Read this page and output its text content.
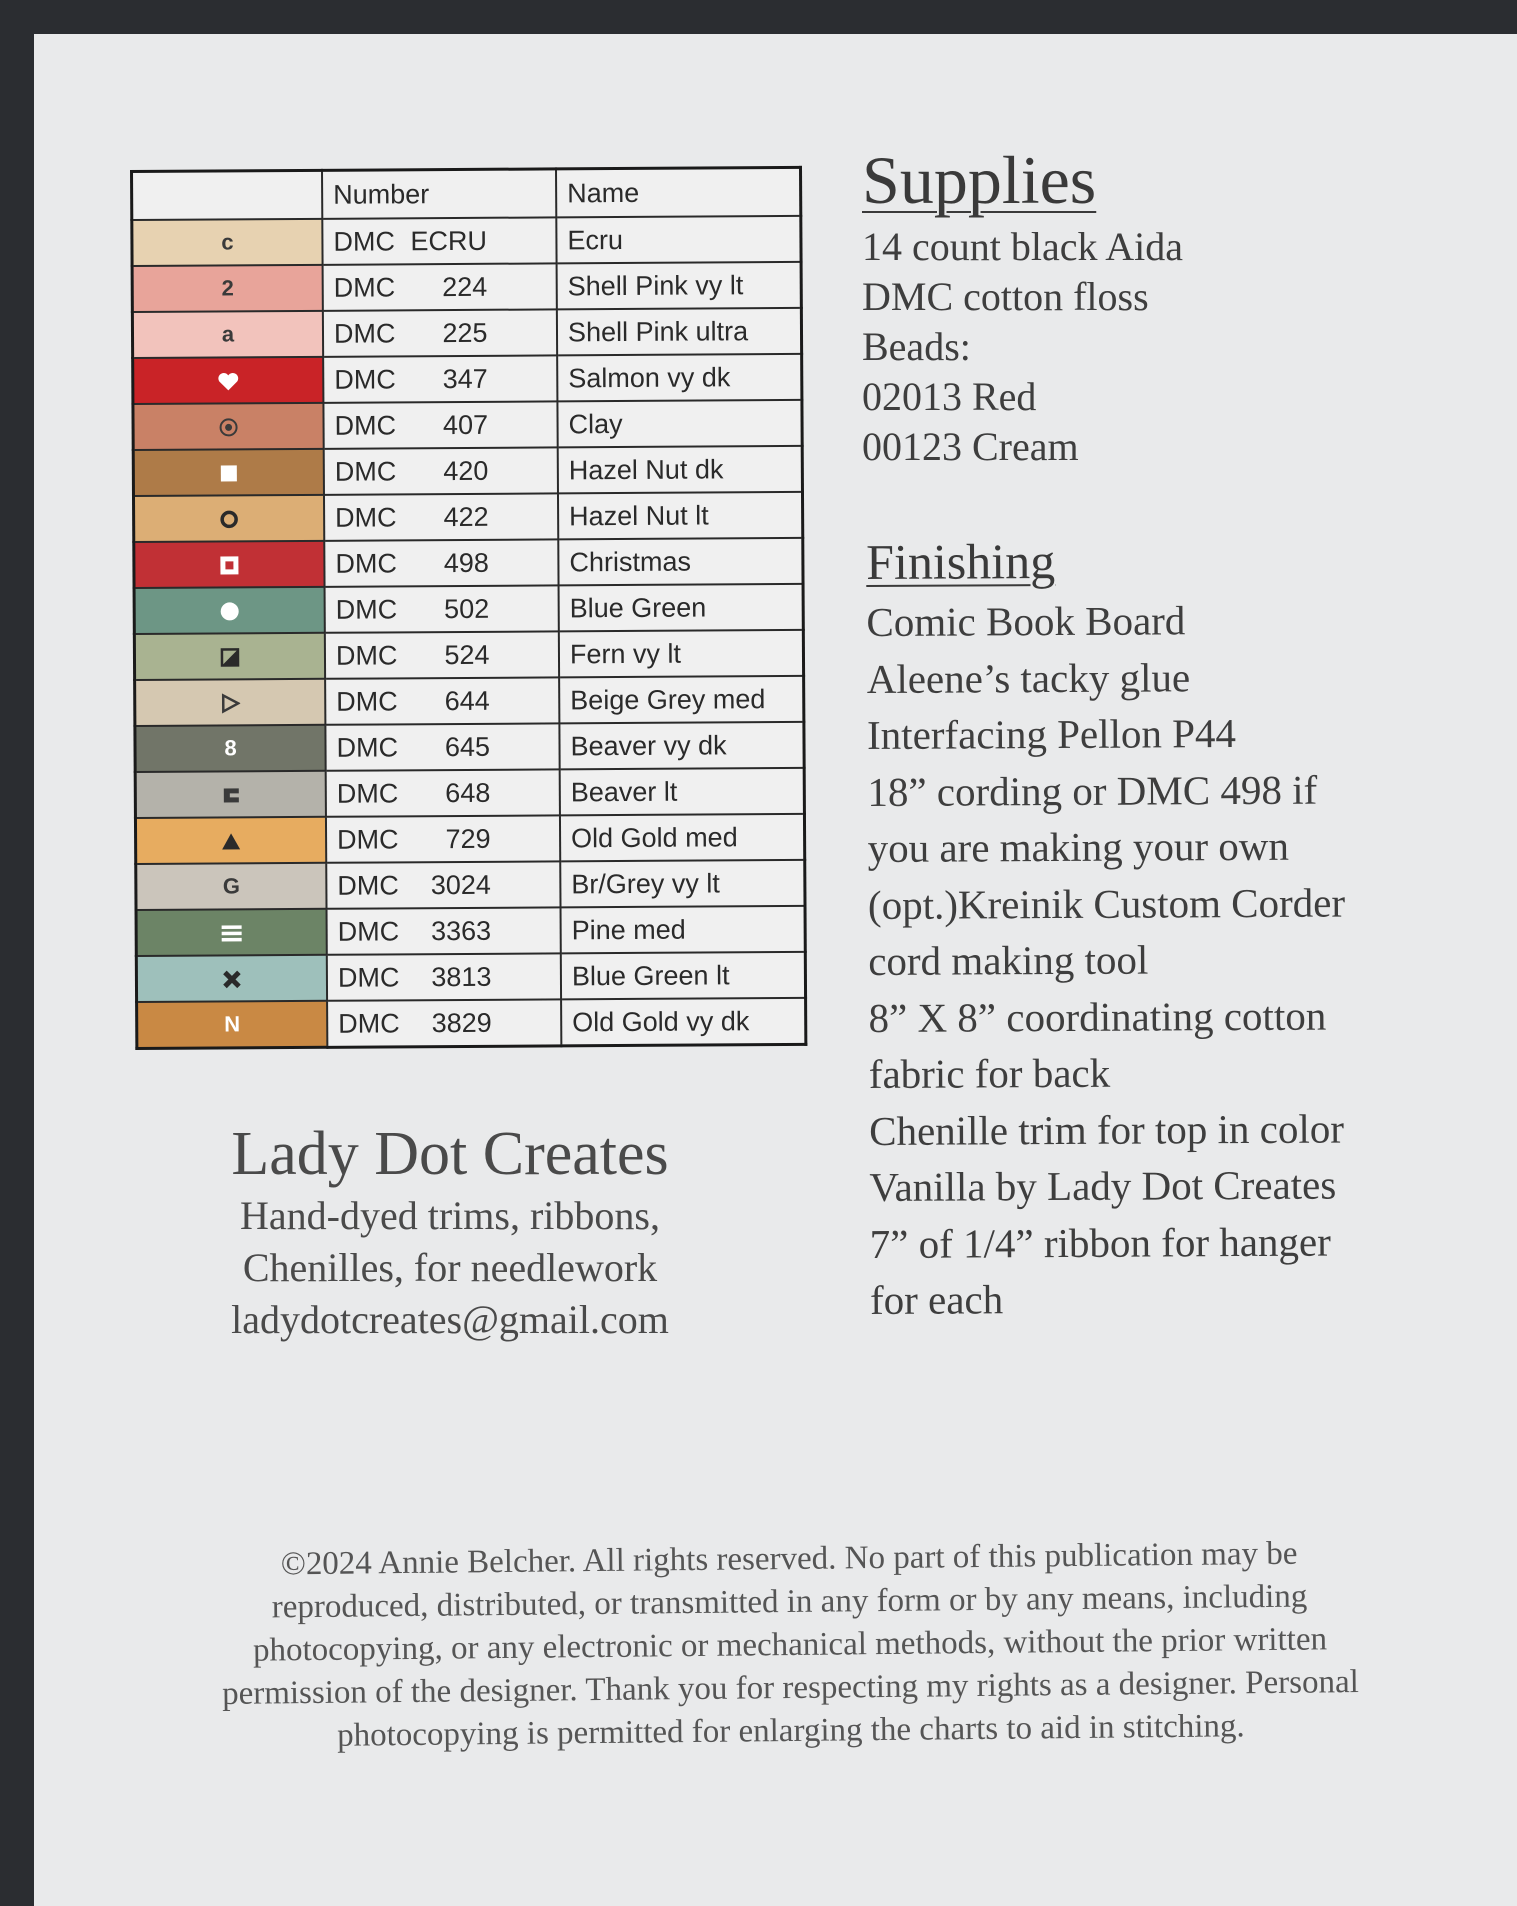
	Number	Name
c	DMC ECRU	Ecru
2	DMC 224	Shell Pink vy lt
a	DMC 225	Shell Pink ultra
	DMC 347	Salmon vy dk
	DMC 407	Clay
	DMC 420	Hazel Nut dk
	DMC 422	Hazel Nut lt
	DMC 498	Christmas
	DMC 502	Blue Green
	DMC 524	Fern vy lt
	DMC 644	Beige Grey med
8	DMC 645	Beaver vy dk
	DMC 648	Beaver lt
	DMC 729	Old Gold med
G	DMC 3024	Br/Grey vy lt
	DMC 3363	Pine med
	DMC 3813	Blue Green lt
N	DMC 3829	Old Gold vy dk
Lady Dot Creates
Hand-dyed trims, ribbons,
Chenilles, for needlework
ladydotcreates@gmail.com
Supplies
14 count black Aida
DMC cotton floss
Beads:
02013 Red
00123 Cream
Finishing
Comic Book Board
Aleene’s tacky glue
Interfacing Pellon P44
18” cording or DMC 498 if
you are making your own
(opt.)Kreinik Custom Corder
cord making tool
8” X 8” coordinating cotton
fabric for back
Chenille trim for top in color
Vanilla by Lady Dot Creates
7” of 1/4” ribbon for hanger
for each
©2024 Annie Belcher. All rights reserved. No part of this publication may be
reproduced, distributed, or transmitted in any form or by any means, including
photocopying, or any electronic or mechanical methods, without the prior written
permission of the designer. Thank you for respecting my rights as a designer. Personal
photocopying is permitted for enlarging the charts to aid in stitching.
